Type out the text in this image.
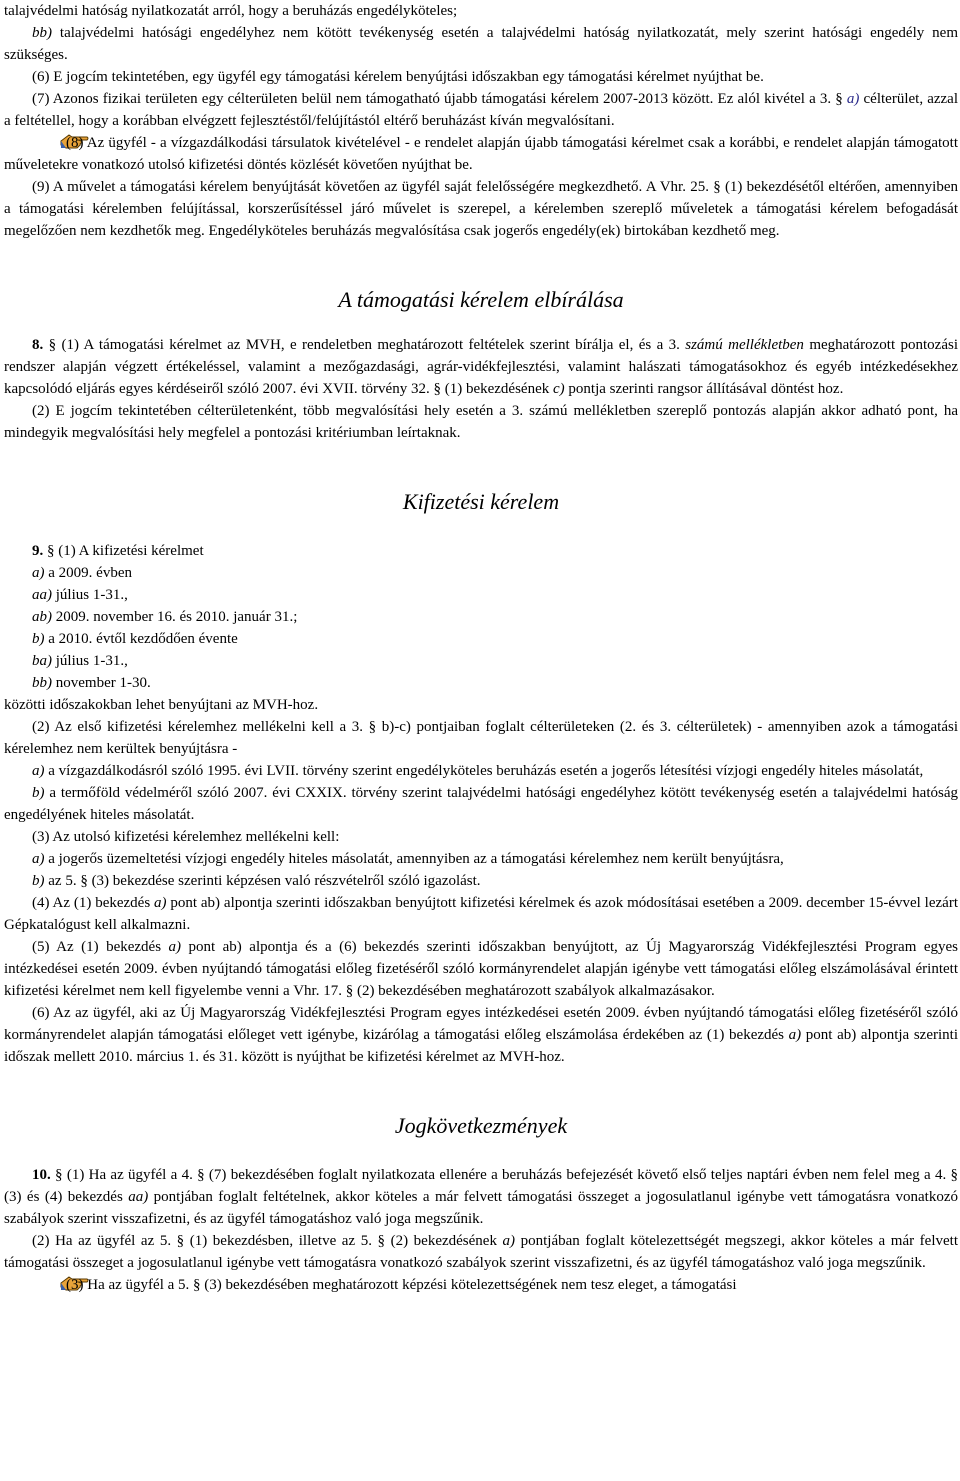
talajvédelmi hatóság nyilatkozatát arról, hogy a beruházás engedélyköteles;

bb) talajvédelmi hatósági engedélyhez nem kötött tevékenység esetén a talajvédelmi hatóság nyilatkozatát, mely szerint hatósági engedély nem szükséges.

(6) E jogcím tekintetében, egy ügyfél egy támogatási kérelem benyújtási időszakban egy támogatási kérelmet nyújthat be.

(7) Azonos fizikai területen egy célterületen belül nem támogatható újabb támogatási kérelem 2007-2013 között. Ez alól kivétel a 3. § a) célterület, azzal a feltétellel, hogy a korábban elvégzett fejlesztéstől/felújítástól eltérő beruházást kíván megvalósítani.

(8) Az ügyfél - a vízgazdálkodási társulatok kivételével - e rendelet alapján újabb támogatási kérelmet csak a korábbi, e rendelet alapján támogatott műveletekre vonatkozó utolsó kifizetési döntés közlését követően nyújthat be.

(9) A művelet a támogatási kérelem benyújtását követően az ügyfél saját felelősségére megkezdhető. A Vhr. 25. § (1) bekezdésétől eltérően, amennyiben a támogatási kérelemben felújítással, korszerűsítéssel járó művelet is szerepel, a kérelemben szereplő műveletek a támogatási kérelem befogadását megelőzően nem kezdhetők meg. Engedélyköteles beruházás megvalósítása csak jogerős engedély(ek) birtokában kezdhető meg.

A támogatási kérelem elbírálása

8. § (1) A támogatási kérelmet az MVH, e rendeletben meghatározott feltételek szerint bírálja el, és a 3. számú mellékletben meghatározott pontozási rendszer alapján végzett értékeléssel, valamint a mezőgazdasági, agrár-vidékfejlesztési, valamint halászati támogatásokhoz és egyéb intézkedésekhez kapcsolódó eljárás egyes kérdéseiről szóló 2007. évi XVII. törvény 32. § (1) bekezdésének c) pontja szerinti rangsor állításával döntést hoz.

(2) E jogcím tekintetében célterületenként, több megvalósítási hely esetén a 3. számú mellékletben szereplő pontozás alapján akkor adható pont, ha mindegyik megvalósítási hely megfelel a pontozási kritériumban leírtaknak.

Kifizetési kérelem

9. § (1) A kifizetési kérelmet

a) a 2009. évben

aa) július 1-31.,

ab) 2009. november 16. és 2010. január 31.;

b) a 2010. évtől kezdődően évente

ba) július 1-31.,

bb) november 1-30.

közötti időszakokban lehet benyújtani az MVH-hoz.

(2) Az első kifizetési kérelemhez mellékelni kell a 3. § b)-c) pontjaiban foglalt célterületeken (2. és 3. célterületek) - amennyiben azok a támogatási kérelemhez nem kerültek benyújtásra -

a) a vízgazdálkodásról szóló 1995. évi LVII. törvény szerint engedélyköteles beruházás esetén a jogerős létesítési vízjogi engedély hiteles másolatát,

b) a termőföld védelméről szóló 2007. évi CXXIX. törvény szerint talajvédelmi hatósági engedélyhez kötött tevékenység esetén a talajvédelmi hatóság engedélyének hiteles másolatát.

(3) Az utolsó kifizetési kérelemhez mellékelni kell:

a) a jogerős üzemeltetési vízjogi engedély hiteles másolatát, amennyiben az a támogatási kérelemhez nem került benyújtásra,

b) az 5. § (3) bekezdése szerinti képzésen való részvételről szóló igazolást.

(4) Az (1) bekezdés a) pont ab) alpontja szerinti időszakban benyújtott kifizetési kérelmek és azok módosításai esetében a 2009. december 15-évvel lezárt Gépkatalógust kell alkalmazni.

(5) Az (1) bekezdés a) pont ab) alpontja és a (6) bekezdés szerinti időszakban benyújtott, az Új Magyarország Vidékfejlesztési Program egyes intézkedései esetén 2009. évben nyújtandó támogatási előleg fizetéséről szóló kormányrendelet alapján igénybe vett támogatási előleg elszámolásával érintett kifizetési kérelmet nem kell figyelembe venni a Vhr. 17. § (2) bekezdésében meghatározott szabályok alkalmazásakor.

(6) Az az ügyfél, aki az Új Magyarország Vidékfejlesztési Program egyes intézkedései esetén 2009. évben nyújtandó támogatási előleg fizetéséről szóló kormányrendelet alapján támogatási előleget vett igénybe, kizárólag a támogatási előleg elszámolása érdekében az (1) bekezdés a) pont ab) alpontja szerinti időszak mellett 2010. március 1. és 31. között is nyújthat be kifizetési kérelmet az MVH-hoz.

Jogkövetkezmények

10. § (1) Ha az ügyfél a 4. § (7) bekezdésében foglalt nyilatkozata ellenére a beruházás befejezését követő első teljes naptári évben nem felel meg a 4. § (3) és (4) bekezdés aa) pontjában foglalt feltételnek, akkor köteles a már felvett támogatási összeget a jogosulatlanul igénybe vett támogatásra vonatkozó szabályok szerint visszafizetni, és az ügyfél támogatáshoz való joga megszűnik.

(2) Ha az ügyfél az 5. § (1) bekezdésben, illetve az 5. § (2) bekezdésének a) pontjában foglalt kötelezettségét megszegi, akkor köteles a már felvett támogatási összeget a jogosulatlanul igénybe vett támogatásra vonatkozó szabályok szerint visszafizetni, és az ügyfél támogatáshoz való joga megszűnik.

(3) Ha az ügyfél a 5. § (3) bekezdésében meghatározott képzési kötelezettségének nem tesz eleget, a támogatási
